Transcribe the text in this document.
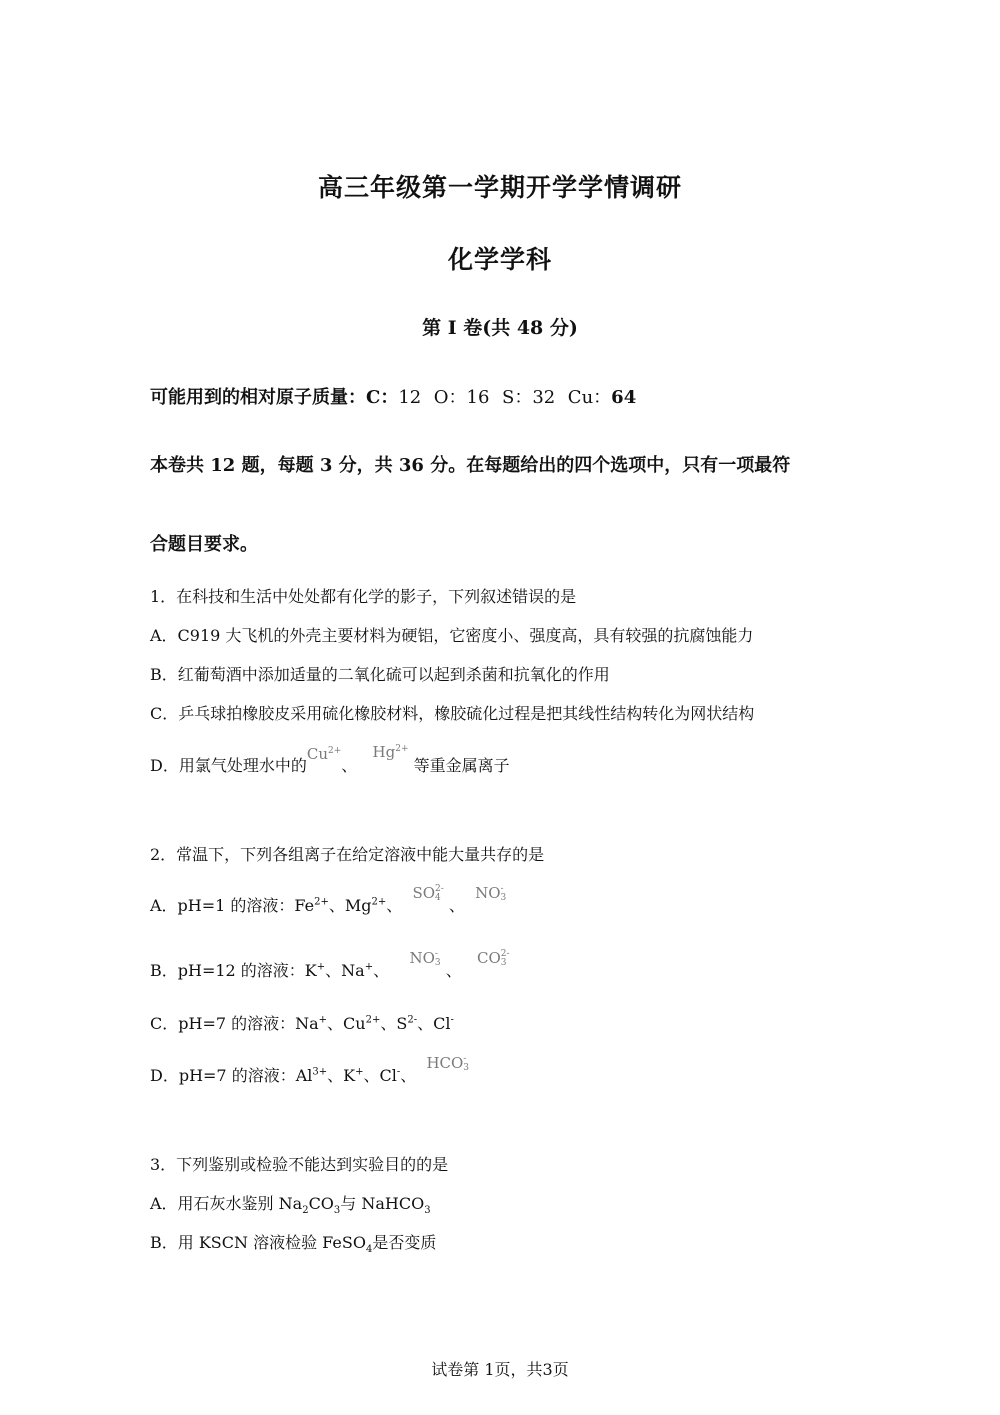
高三年级第一学期开学学情调研
化学学科
第 I 卷(共 48 分)
可能用到的相对原子质量：C：12 O：16 S：32 Cu：64
本卷共 12 题，每题 3 分，共 36 分。在每题给出的四个选项中，只有一项最符
合题目要求。
1．在科技和生活中处处都有化学的影子，下列叙述错误的是
A．C919 大飞机的外壳主要材料为硬铝，它密度小、强度高，具有较强的抗腐蚀能力
B．红葡萄酒中添加适量的二氧化硫可以起到杀菌和抗氧化的作用
C．乒乓球拍橡胶皮采用硫化橡胶材料，橡胶硫化过程是把其线性结构转化为网状结构
D．用氯气处理水中的$Cu^{2+}$、   $Hg^{2+}$ 等重金属离子
2．常温下，下列各组离子在给定溶液中能大量共存的是
A．pH=1 的溶液：$Fe^{2+}$、$Mg^{2+}$、  SO 2-
4 、  NO -
3
B．pH=12 的溶液：K+、Na+、    NO -
3 、   CO 2-
3
C．pH=7 的溶液：Na+、$Cu^{2+}$、$S^{2-}$、Cl-
D．pH=7 的溶液：$Al^{3+}$、K+、Cl-、  HCO -
3
3．下列鉴别或检验不能达到实验目的的是
A．用石灰水鉴别 $Na_2CO_3$与 NaHCO$_3$
B．用 KSCN 溶液检验 FeSO$_4$是否变质
试卷第 1页，共3页
